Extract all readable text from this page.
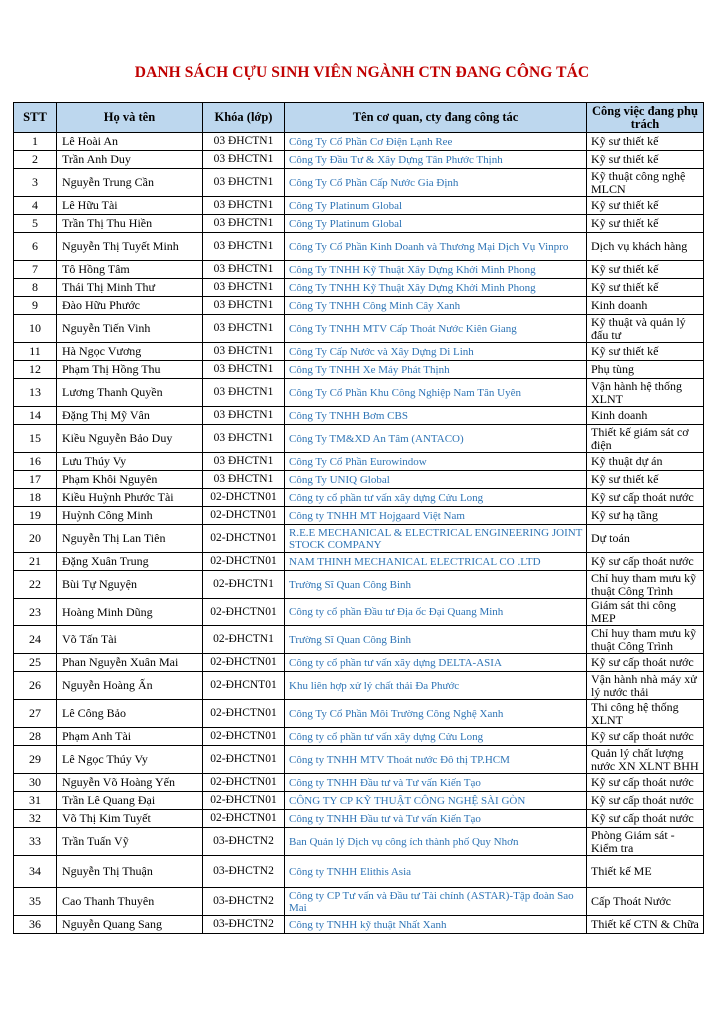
DANH SÁCH CỰU SINH VIÊN NGÀNH CTN ĐANG CÔNG TÁC
STT	Họ và tên	Khóa (lớp)	Tên cơ quan, cty đang công tác	Công việc đang phụ trách
1	Lê Hoài An	03 ĐHCTN1	Công Ty Cổ Phần Cơ Điện Lạnh Ree	Kỹ sư thiết kế
2	Trần Anh Duy	03 ĐHCTN1	Công Ty Đầu Tư & Xây Dựng Tân Phước Thịnh	Kỹ sư thiết kế
3	Nguyễn Trung Cần	03 ĐHCTN1	Công Ty Cổ Phần Cấp Nước Gia Định	Kỹ thuật công nghệ MLCN
4	Lê Hữu Tài	03 ĐHCTN1	Công Ty Platinum Global	Kỹ sư thiết kế
5	Trần Thị Thu Hiền	03 ĐHCTN1	Công Ty Platinum Global	Kỹ sư thiết kế
6	Nguyễn Thị Tuyết Minh	03 ĐHCTN1	Công Ty Cổ Phần Kinh Doanh và Thương Mại Dịch Vụ Vinpro	Dịch vụ khách hàng
7	Tô Hồng Tâm	03 ĐHCTN1	Công Ty TNHH Kỹ Thuật Xây Dựng Khởi Minh Phong	Kỹ sư thiết kế
8	Thái Thị Minh Thư	03 ĐHCTN1	Công Ty TNHH Kỹ Thuật Xây Dựng Khởi Minh Phong	Kỹ sư thiết kế
9	Đào Hữu Phước	03 ĐHCTN1	Công Ty TNHH Công Minh Cây Xanh	Kinh doanh
10	Nguyễn Tiến Vinh	03 ĐHCTN1	Công Ty TNHH MTV Cấp Thoát Nước Kiên Giang	Kỹ thuật và quản lý đấu tư
11	Hà Ngọc Vương	03 ĐHCTN1	Công Ty Cấp Nước và Xây Dựng Di Linh	Kỹ sư thiết kế
12	Phạm Thị Hồng Thu	03 ĐHCTN1	Công Ty TNHH Xe Máy Phát Thịnh	Phụ tùng
13	Lương Thanh Quyền	03 ĐHCTN1	Công Ty Cổ Phần Khu Công Nghiệp Nam Tân Uyên	Vận hành hệ thống XLNT
14	Đặng Thị Mỹ Vân	03 ĐHCTN1	Công Ty TNHH Bơm CBS	Kinh doanh
15	Kiều Nguyễn Bảo Duy	03 ĐHCTN1	Công Ty TM&XD An Tâm (ANTACO)	Thiết kế giám sát cơ điện
16	Lưu Thúy Vy	03 ĐHCTN1	Công Ty Cổ Phần Eurowindow	Kỹ thuật dự án
17	Phạm Khôi Nguyên	03 ĐHCTN1	Công Ty UNIQ Global	Kỹ sư thiết kế
18	Kiều Huỳnh Phước Tài	02-DHCTN01	Công ty cổ phần tư vấn xây dựng Cửu Long	Kỹ sư cấp thoát nước
19	Huỳnh Công Minh	02-DHCTN01	Công ty TNHH MT Hojgaard Việt Nam	Kỹ sư hạ tầng
20	Nguyễn Thị Lan Tiên	02-DHCTN01	R.E.E MECHANICAL & ELECTRICAL ENGINEERING JOINT STOCK COMPANY	Dự toán
21	Đặng Xuân Trung	02-DHCTN01	NAM THINH MECHANICAL ELECTRICAL CO .LTD	Kỹ sư cấp thoát nước
22	Bùi Tự Nguyện	02-ĐHCTN1	Trường Sĩ Quan Công Binh	Chỉ huy tham mưu kỹ thuật Công Trình
23	Hoàng Minh Dũng	02-ĐHCTN01	Công ty cổ phần Đầu tư Địa ốc Đại Quang Minh	Giám sát thi công MEP
24	Võ Tấn Tài	02-ĐHCTN1	Trường Sĩ Quan Công Binh	Chỉ huy tham mưu kỹ thuật Công Trình
25	Phan Nguyễn Xuân Mai	02-ĐHCTN01	Công ty cổ phần tư vấn xây dựng DELTA-ASIA	Kỹ sư cấp thoát nước
26	Nguyễn Hoàng Ấn	02-ĐHCNT01	Khu liên hợp xử lý chất thải Đa Phước	Vận hành nhà máy xử lý nước thải
27	Lê Công Bảo	02-ĐHCTN01	Công Ty Cổ Phần Môi Trường Công Nghệ Xanh	Thi công hệ thống XLNT
28	Phạm Anh Tài	02-ĐHCTN01	Công ty cổ phần tư vấn xây dựng Cửu Long	Kỹ sư cấp thoát nước
29	Lê Ngọc Thúy Vy	02-ĐHCTN01	Công ty TNHH MTV Thoát nước Đô thị TP.HCM	Quản lý chất lượng nước XN XLNT BHH
30	Nguyễn Võ Hoàng Yến	02-ĐHCTN01	Công ty TNHH Đầu tư và Tư vấn Kiến Tạo	Kỹ sư cấp thoát nước
31	Trần Lê Quang Đại	02-ĐHCTN01	CÔNG TY CP KỸ THUẬT CÔNG NGHỆ SÀI GÒN	Kỹ sư cấp thoát nước
32	Võ Thị Kim Tuyết	02-ĐHCTN01	Công ty TNHH Đầu tư và Tư vấn Kiến Tạo	Kỹ sư cấp thoát nước
33	Trần Tuấn Vỹ	03-ĐHCTN2	Ban Quản lý Dịch vụ công ích thành phố Quy Nhơn	Phòng Giám sát - Kiểm tra
34	Nguyễn Thị Thuận	03-ĐHCTN2	Công ty TNHH Elithis Asia	Thiết kế ME
35	Cao Thanh Thuyên	03-ĐHCTN2	Công ty CP Tư vấn và Đầu tư Tài chính (ASTAR)-Tập đoàn Sao Mai	Cấp Thoát Nước
36	Nguyễn Quang Sang	03-ĐHCTN2	Công ty TNHH kỹ thuật Nhất Xanh	Thiết kế CTN & Chữa
